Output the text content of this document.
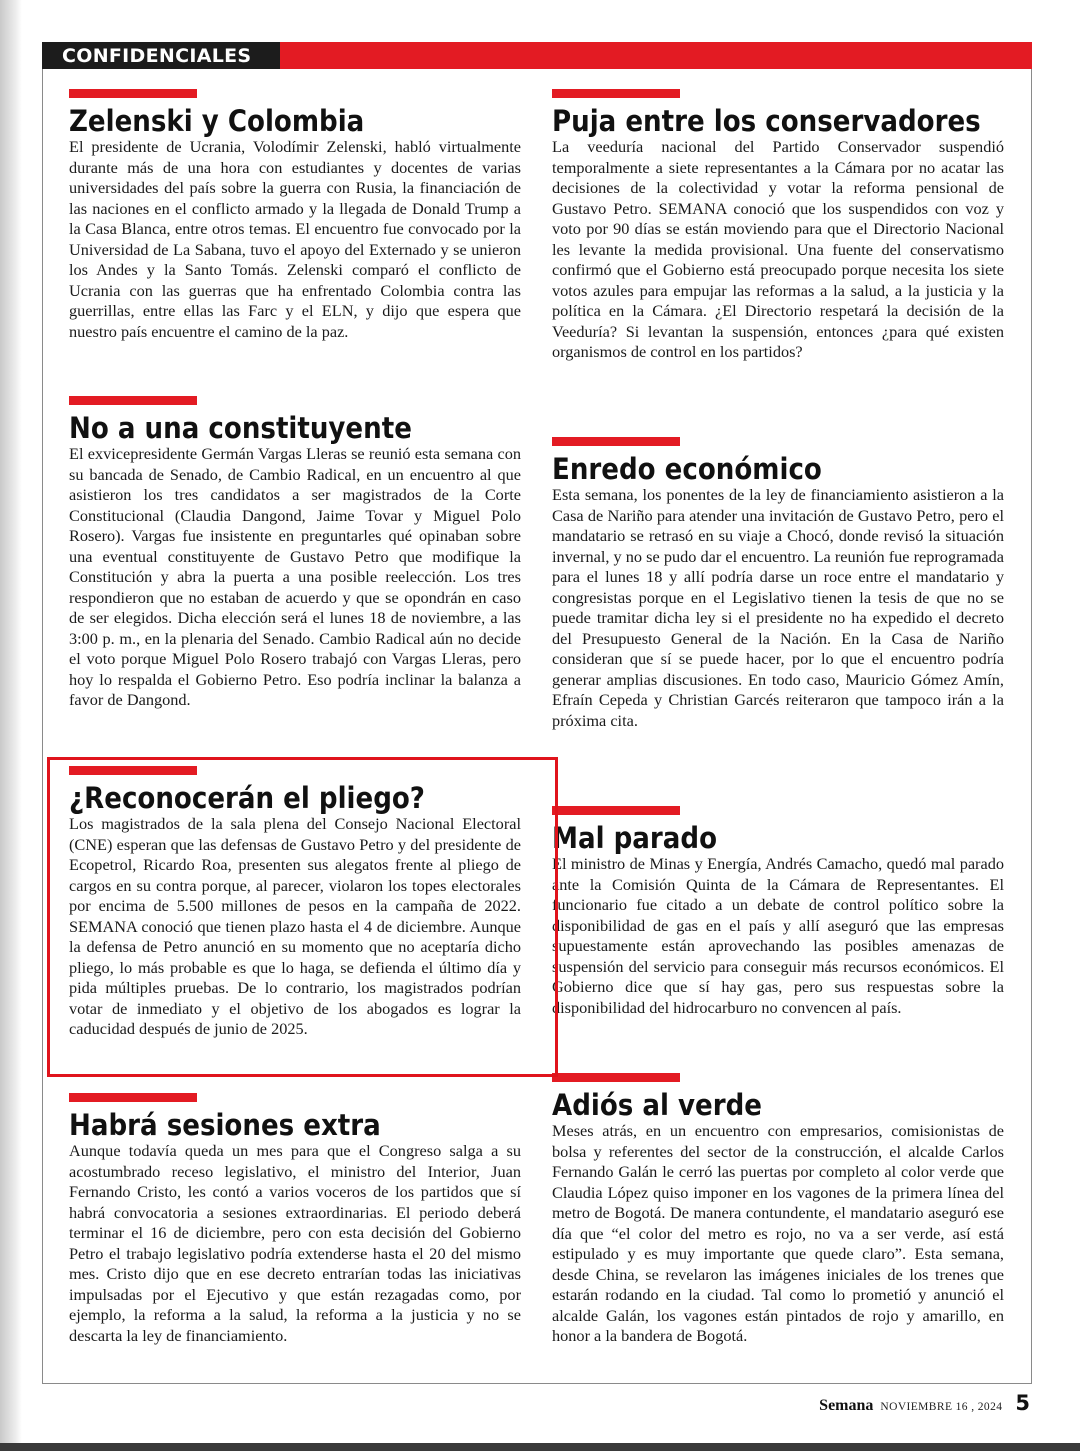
CONFIDENCIALES
Zelenski y Colombia

El presidente de Ucrania, Volodímir Zelenski, habló virtualmente durante más de una hora con estudiantes y docentes de varias universidades del país sobre la guerra con Rusia, la financiación de las naciones en el conflicto armado y la llegada de Donald Trump a la Casa Blanca, entre otros temas. El encuentro fue convocado por la Universidad de La Sabana, tuvo el apoyo del Externado y se unieron los Andes y la Santo Tomás. Zelenski comparó el conflicto de Ucrania con las guerras que ha enfrentado Colombia contra las guerrillas, entre ellas las Farc y el ELN, y dijo que espera que nuestro país encuentre el camino de la paz.

No a una constituyente

El exvicepresidente Germán Vargas Lleras se reunió esta semana con su bancada de Senado, de Cambio Radical, en un encuentro al que asistieron los tres candidatos a ser magistrados de la Corte Constitucional (Claudia Dangond, Jaime Tovar y Miguel Polo Rosero). Vargas fue insistente en preguntarles qué opinaban sobre una eventual constituyente de Gustavo Petro que modifique la Constitución y abra la puerta a una posible reelección. Los tres respondieron que no estaban de acuerdo y que se opondrán en caso de ser elegidos. Dicha elección será el lunes 18 de noviembre, a las 3:00 p. m., en la plenaria del Senado. Cambio Radical aún no decide el voto porque Miguel Polo Rosero trabajó con Vargas Lleras, pero hoy lo respalda el Gobierno Petro. Eso podría inclinar la balanza a favor de Dangond.

¿Reconocerán el pliego?

Los magistrados de la sala plena del Consejo Nacional Electoral (CNE) esperan que las defensas de Gustavo Petro y del presidente de Ecopetrol, Ricardo Roa, presenten sus alegatos frente al pliego de cargos en su contra porque, al parecer, violaron los topes electorales por encima de 5.500 millones de pesos en la campaña de 2022. SEMANA conoció que tienen plazo hasta el 4 de diciembre. Aunque la defensa de Petro anunció en su momento que no aceptaría dicho pliego, lo más probable es que lo haga, se defienda el último día y pida múltiples pruebas. De lo contrario, los magistrados podrían votar de inmediato y el objetivo de los abogados es lograr la caducidad después de junio de 2025.

Habrá sesiones extra

Aunque todavía queda un mes para que el Congreso salga a su acostumbrado receso legislativo, el ministro del Interior, Juan Fernando Cristo, les contó a varios voceros de los partidos que sí habrá convocatoria a sesiones extraordinarias. El periodo deberá terminar el 16 de diciembre, pero con esta decisión del Gobierno Petro el trabajo legislativo podría extenderse hasta el 20 del mismo mes. Cristo dijo que en ese decreto entrarían todas las iniciativas impulsadas por el Ejecutivo y que están rezagadas como, por ejemplo, la reforma a la salud, la reforma a la justicia y no se descarta la ley de financiamiento.

Puja entre los conservadores

La veeduría nacional del Partido Conservador suspendió temporalmente a siete representantes a la Cámara por no acatar las decisiones de la colectividad y votar la reforma pensional de Gustavo Petro. SEMANA conoció que los suspendidos con voz y voto por 90 días se están moviendo para que el Directorio Nacional les levante la medida provisional. Una fuente del conservatismo confirmó que el Gobierno está preocupado porque necesita los siete votos azules para empujar las reformas a la salud, a la justicia y la política en la Cámara. ¿El Directorio respetará la decisión de la Veeduría? Si levantan la suspensión, entonces ¿para qué existen organismos de control en los partidos?

Enredo económico

Esta semana, los ponentes de la ley de financiamiento asistieron a la Casa de Nariño para atender una invitación de Gustavo Petro, pero el mandatario se retrasó en su viaje a Chocó, donde revisó la situación invernal, y no se pudo dar el encuentro. La reunión fue reprogramada para el lunes 18 y allí podría darse un roce entre el mandatario y congresistas porque en el Legislativo tienen la tesis de que no se puede tramitar dicha ley si el presidente no ha expedido el decreto del Presupuesto General de la Nación. En la Casa de Nariño consideran que sí se puede hacer, por lo que el encuentro podría generar amplias discusiones. En todo caso, Mauricio Gómez Amín, Efraín Cepeda y Christian Garcés reiteraron que tampoco irán a la próxima cita.

Mal parado

El ministro de Minas y Energía, Andrés Camacho, quedó mal parado ante la Comisión Quinta de la Cámara de Representantes. El funcionario fue citado a un debate de control político sobre la disponibilidad de gas en el país y allí aseguró que las empresas supuestamente están aprovechando las posibles amenazas de suspensión del servicio para conseguir más recursos económicos. El Gobierno dice que sí hay gas, pero sus respuestas sobre la disponibilidad del hidrocarburo no convencen al país.

Adiós al verde

Meses atrás, en un encuentro con empresarios, comisionistas de bolsa y referentes del sector de la construcción, el alcalde Carlos Fernando Galán le cerró las puertas por completo al color verde que Claudia López quiso imponer en los vagones de la primera línea del metro de Bogotá. De manera contundente, el mandatario aseguró ese día que “el color del metro es rojo, no va a ser verde, así está estipulado y es muy importante que quede claro”. Esta semana, desde China, se revelaron las imágenes iniciales de los trenes que estarán rodando en la ciudad. Tal como lo prometió y anunció el alcalde Galán, los vagones están pintados de rojo y amarillo, en honor a la bandera de Bogotá.

Semana NOVIEMBRE 16 , 2024 5
